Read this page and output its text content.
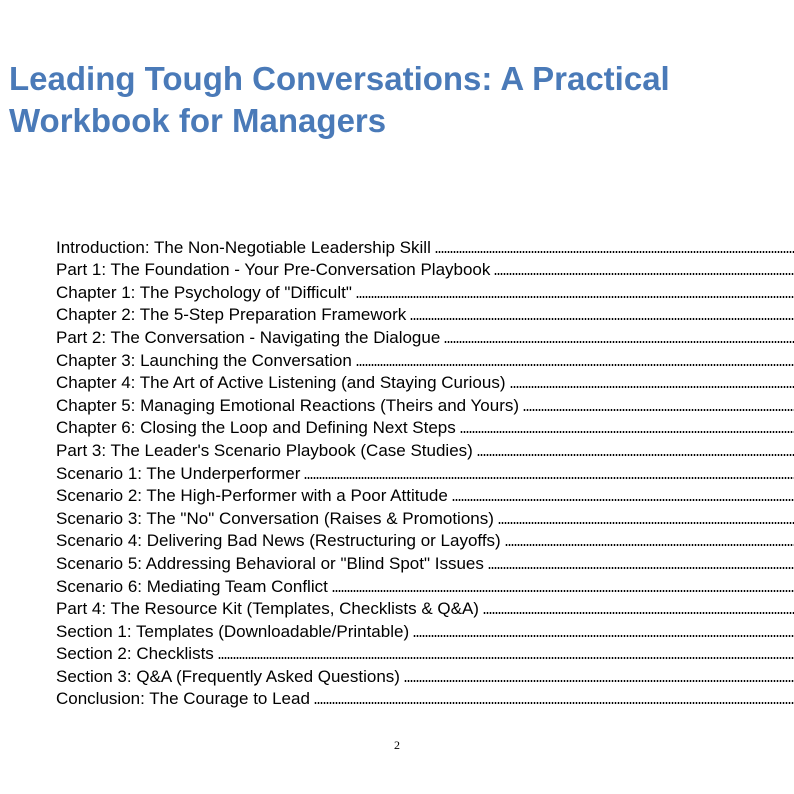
Leading Tough Conversations: A Practical
Workbook for Managers
Introduction: The Non-Negotiable Leadership Skill
Part 1: The Foundation - Your Pre-Conversation Playbook
Chapter 1: The Psychology of "Difficult"
Chapter 2: The 5-Step Preparation Framework
Part 2: The Conversation - Navigating the Dialogue
Chapter 3: Launching the Conversation
Chapter 4: The Art of Active Listening (and Staying Curious)
Chapter 5: Managing Emotional Reactions (Theirs and Yours)
Chapter 6: Closing the Loop and Defining Next Steps
Part 3: The Leader's Scenario Playbook (Case Studies)
Scenario 1: The Underperformer
Scenario 2: The High-Performer with a Poor Attitude
Scenario 3: The "No" Conversation (Raises & Promotions)
Scenario 4: Delivering Bad News (Restructuring or Layoffs)
Scenario 5: Addressing Behavioral or "Blind Spot" Issues
Scenario 6: Mediating Team Conflict
Part 4: The Resource Kit (Templates, Checklists & Q&A)
Section 1: Templates (Downloadable/Printable)
Section 2: Checklists
Section 3: Q&A (Frequently Asked Questions)
Conclusion: The Courage to Lead
2
